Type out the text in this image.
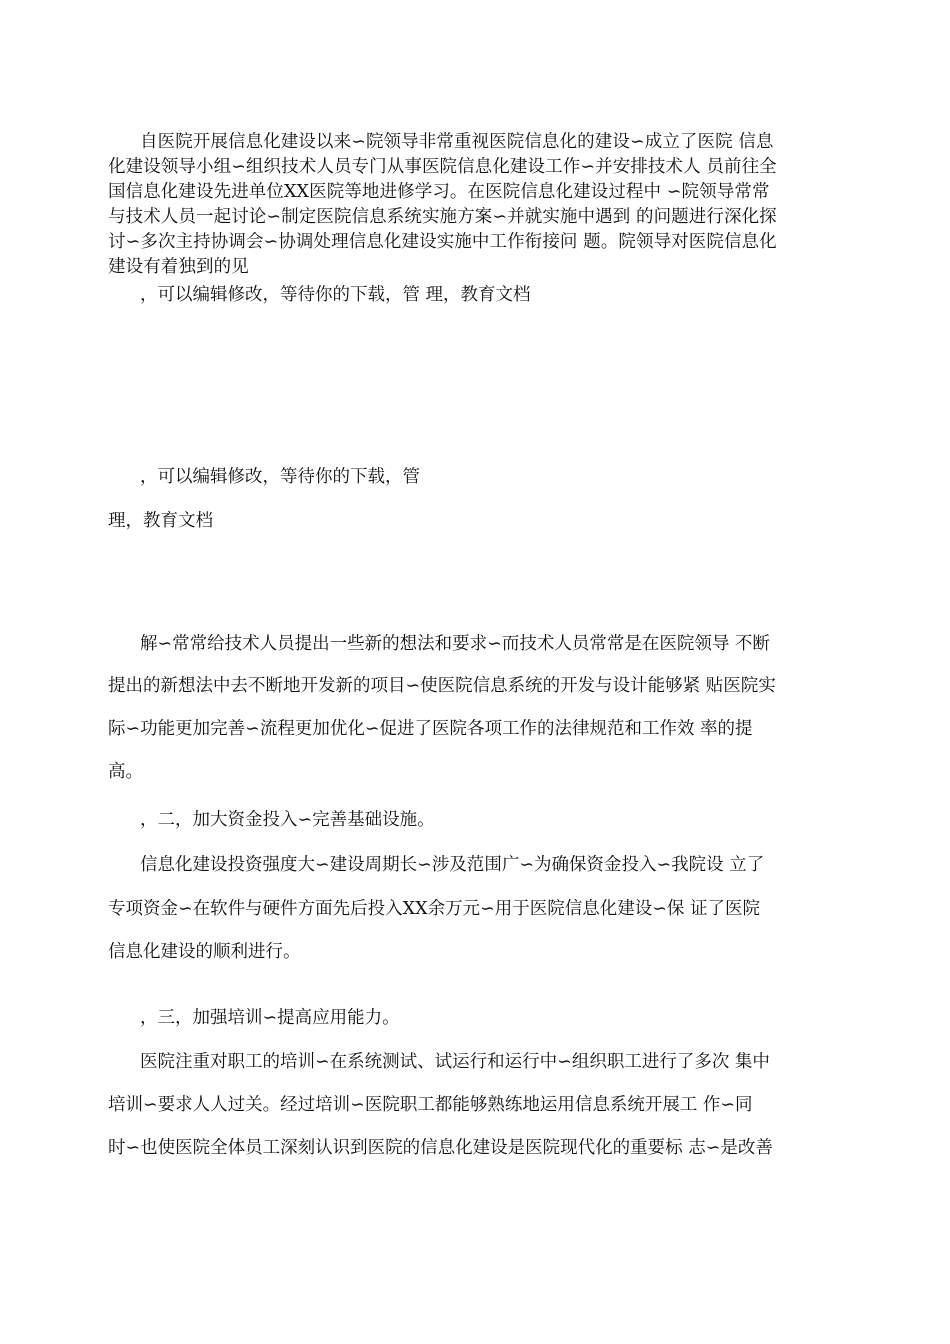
自医院开展信息化建设以来∽院领导非常重视医院信息化的建设∽成立了医院 信息
化建设领导小组∽组织技术人员专门从事医院信息化建设工作∽并安排技术人 员前往全
国信息化建设先进单位XX医院等地进修学习。在医院信息化建设过程中 ∽院领导常常
与技术人员一起讨论∽制定医院信息系统实施方案∽并就实施中遇到 的问题进行深化探
讨∽多次主持协调会∽协调处理信息化建设实施中工作衔接问 题。院领导对医院信息化
建设有着独到的见
，可以编辑修改，等待你的下载，管 理，教育文档
，可以编辑修改，等待你的下载，管
理，教育文档
解∽常常给技术人员提出一些新的想法和要求∽而技术人员常常是在医院领导 不断
提出的新想法中去不断地开发新的项目∽使医院信息系统的开发与设计能够紧 贴医院实
际∽功能更加完善∽流程更加优化∽促进了医院各项工作的法律规范和工作效 率的提
高。
，二，加大资金投入∽完善基础设施。
信息化建设投资强度大∽建设周期长∽涉及范围广∽为确保资金投入∽我院设 立了
专项资金∽在软件与硬件方面先后投入XX余万元∽用于医院信息化建设∽保 证了医院
信息化建设的顺利进行。
，三，加强培训∽提高应用能力。
医院注重对职工的培训∽在系统测试、试运行和运行中∽组织职工进行了多次 集中
培训∽要求人人过关。经过培训∽医院职工都能够熟练地运用信息系统开展工 作∽同
时∽也使医院全体员工深刻认识到医院的信息化建设是医院现代化的重要标 志∽是改善
